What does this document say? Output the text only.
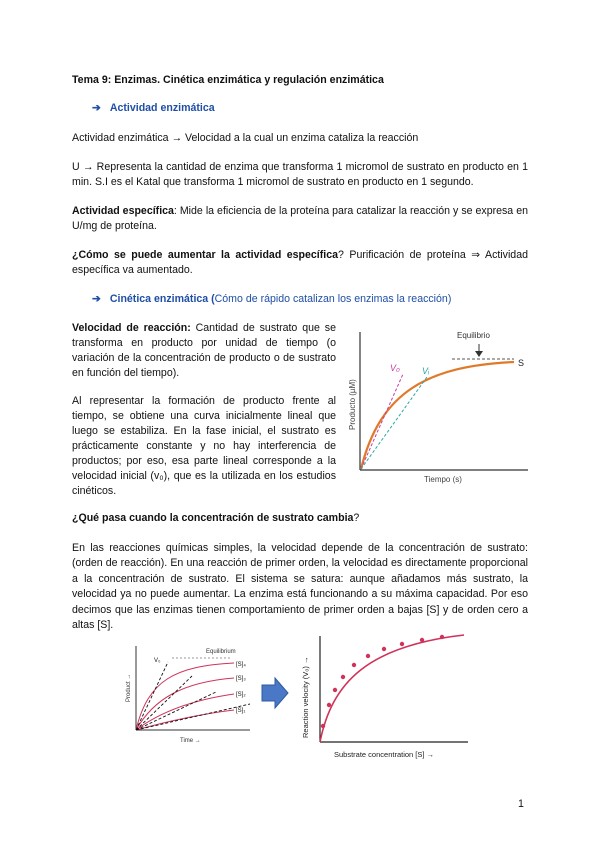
Tema 9: Enzimas. Cinética enzimática y regulación enzimática

➔ Actividad enzimática

Actividad enzimática → Velocidad a la cual un enzima cataliza la reacción

U → Representa la cantidad de enzima que transforma 1 micromol de sustrato en producto en 1 min. S.I es el Katal que transforma 1 micromol de sustrato en producto en 1 segundo.

Actividad específica: Mide la eficiencia de la proteína para catalizar la reacción y se expresa en U/mg de proteína.

¿Cómo se puede aumentar la actividad específica? Purificación de proteína ⇒ Actividad específica va aumentado.

➔ Cinética enzimática (Cómo de rápido catalizan los enzimas la reacción)

Velocidad de reacción: Cantidad de sustrato que se transforma en producto por unidad de tiempo (o variación de la concentración de producto o de sustrato en función del tiempo).

Al representar la formación de producto frente al tiempo, se obtiene una curva inicialmente lineal que luego se estabiliza. En la fase inicial, el sustrato es prácticamente constante y no hay interferencia de productos; por eso, esa parte lineal corresponde a la velocidad inicial (v₀), que es la utilizada en los estudios cinéticos.

Equilibrio
V₀ Vᵢ
S
Producto (µM)
Tiempo (s)

¿Qué pasa cuando la concentración de sustrato cambia?

En las reacciones químicas simples, la velocidad depende de la concentración de sustrato: (orden de reacción). En una reacción de primer orden, la velocidad es directamente proporcional a la concentración de sustrato. El sistema se satura: aunque añadamos más sustrato, la velocidad ya no puede aumentar. La enzima está funcionando a su máxima capacidad. Por eso decimos que las enzimas tienen comportamiento de primer orden a bajas [S] y de orden cero a altas [S].

Equilibrium
V₀
[S]₄
[S]₃
[S]₂
[S]₁
Product →
Time →
Reaction velocity (V₀) →
Substrate concentration [S] →

1
